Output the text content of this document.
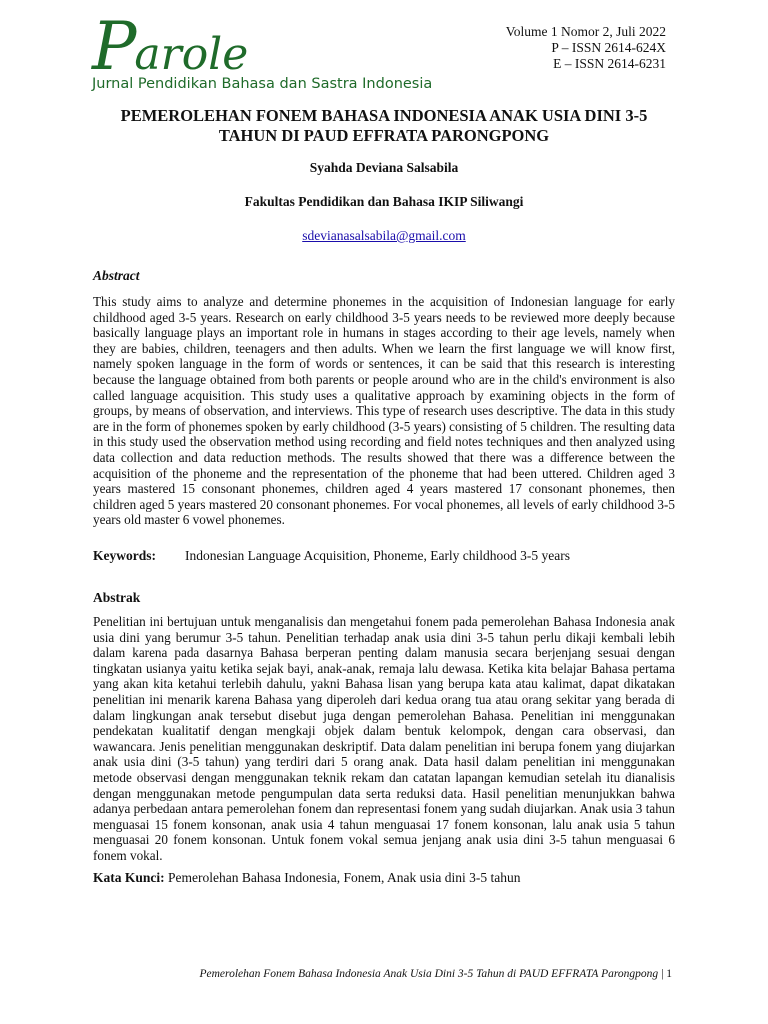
Parole
Jurnal Pendidikan Bahasa dan Sastra Indonesia
Volume 1 Nomor 2, Juli 2022
P – ISSN 2614-624X
E – ISSN 2614-6231
PEMEROLEHAN FONEM BAHASA INDONESIA ANAK USIA DINI 3-5
TAHUN DI PAUD EFFRATA PARONGPONG
Syahda Deviana Salsabila
Fakultas Pendidikan dan Bahasa IKIP Siliwangi
sdevianasalsabila@gmail.com
Abstract
This study aims to analyze and determine phonemes in the acquisition of Indonesian language for early childhood aged 3-5 years. Research on early childhood 3-5 years needs to be reviewed more deeply because basically language plays an important role in humans in stages according to their age levels, namely when they are babies, children, teenagers and then adults. When we learn the first language we will know first, namely spoken language in the form of words or sentences, it can be said that this research is interesting because the language obtained from both parents or people around who are in the child's environment is also called language acquisition. This study uses a qualitative approach by examining objects in the form of groups, by means of observation, and interviews. This type of research uses descriptive. The data in this study are in the form of phonemes spoken by early childhood (3-5 years) consisting of 5 children. The resulting data in this study used the observation method using recording and field notes techniques and then analyzed using data collection and data reduction methods. The results showed that there was a difference between the acquisition of the phoneme and the representation of the phoneme that had been uttered. Children aged 3 years mastered 15 consonant phonemes, children aged 4 years mastered 17 consonant phonemes, then children aged 5 years mastered 20 consonant phonemes. For vocal phonemes, all levels of early childhood 3-5 years old master 6 vowel phonemes.
Keywords: Indonesian Language Acquisition, Phoneme, Early childhood 3-5 years
Abstrak
Penelitian ini bertujuan untuk menganalisis dan mengetahui fonem pada pemerolehan Bahasa Indonesia anak usia dini yang berumur 3-5 tahun. Penelitian terhadap anak usia dini 3-5 tahun perlu dikaji kembali lebih dalam karena pada dasarnya Bahasa berperan penting dalam manusia secara berjenjang sesuai dengan tingkatan usianya yaitu ketika sejak bayi, anak-anak, remaja lalu dewasa. Ketika kita belajar Bahasa pertama yang akan kita ketahui terlebih dahulu, yakni Bahasa lisan yang berupa kata atau kalimat, dapat dikatakan penelitian ini menarik karena Bahasa yang diperoleh dari kedua orang tua atau orang sekitar yang berada di dalam lingkungan anak tersebut disebut juga dengan pemerolehan Bahasa. Penelitian ini menggunakan pendekatan kualitatif dengan mengkaji objek dalam bentuk kelompok, dengan cara observasi, dan wawancara. Jenis penelitian menggunakan deskriptif. Data dalam penelitian ini berupa fonem yang diujarkan anak usia dini (3-5 tahun) yang terdiri dari 5 orang anak. Data hasil dalam penelitian ini menggunakan metode observasi dengan menggunakan teknik rekam dan catatan lapangan kemudian setelah itu dianalisis dengan menggunakan metode pengumpulan data serta reduksi data. Hasil penelitian menunjukkan bahwa adanya perbedaan antara pemerolehan fonem dan representasi fonem yang sudah diujarkan. Anak usia 3 tahun menguasai 15 fonem konsonan, anak usia 4 tahun menguasai 17 fonem konsonan, lalu anak usia 5 tahun menguasai 20 fonem konsonan. Untuk fonem vokal semua jenjang anak usia dini 3-5 tahun menguasai 6 fonem vokal.
Kata Kunci: Pemerolehan Bahasa Indonesia, Fonem, Anak usia dini 3-5 tahun
Pemerolehan Fonem Bahasa Indonesia Anak Usia Dini 3-5 Tahun di PAUD EFFRATA Parongpong | 1
